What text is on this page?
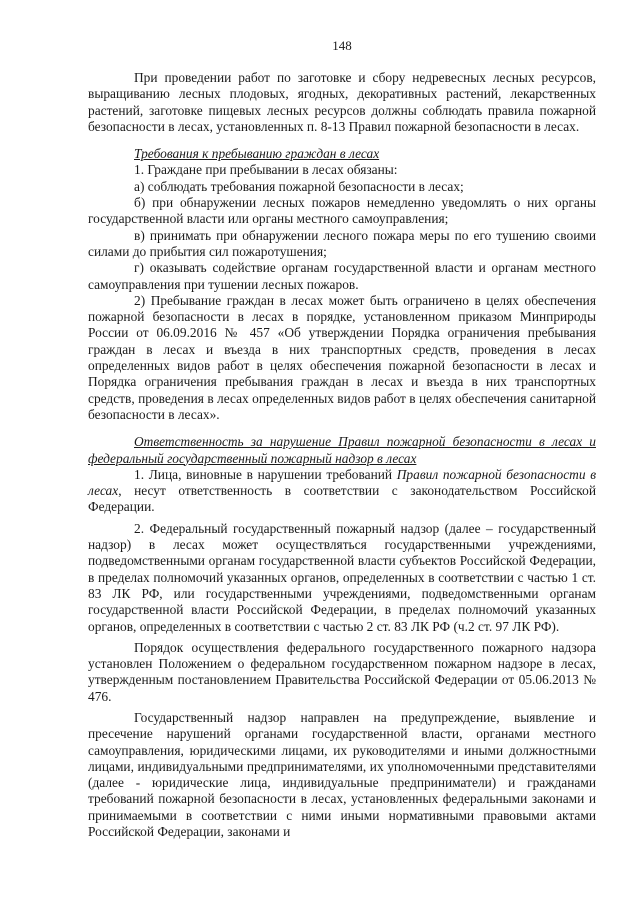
148

При проведении работ по заготовке и сбору недревесных лесных ресурсов, выращиванию лесных плодовых, ягодных, декоративных растений, лекарственных растений, заготовке пищевых лесных ресурсов должны соблюдать правила пожарной безопасности в лесах, установленных п. 8-13 Правил пожарной безопасности в лесах.

Требования к пребыванию граждан в лесах

1. Граждане при пребывании в лесах обязаны:

а) соблюдать требования пожарной безопасности в лесах;

б) при обнаружении лесных пожаров немедленно уведомлять о них органы государственной власти или органы местного самоуправления;

в) принимать при обнаружении лесного пожара меры по его тушению своими силами до прибытия сил пожаротушения;

г) оказывать содействие органам государственной власти и органам местного самоуправления при тушении лесных пожаров.

2) Пребывание граждан в лесах может быть ограничено в целях обеспечения пожарной безопасности в лесах в порядке, установленном приказом Минприроды России от 06.09.2016 № 457 «Об утверждении Порядка ограничения пребывания граждан в лесах и въезда в них транспортных средств, проведения в лесах определенных видов работ в целях обеспечения пожарной безопасности в лесах и Порядка ограничения пребывания граждан в лесах и въезда в них транспортных средств, проведения в лесах определенных видов работ в целях обеспечения санитарной безопасности в лесах».

Ответственность за нарушение Правил пожарной безопасности в лесах и федеральный государственный пожарный надзор в лесах

1. Лица, виновные в нарушении требований Правил пожарной безопасности в лесах, несут ответственность в соответствии с законодательством Российской Федерации.

2. Федеральный государственный пожарный надзор (далее – государственный надзор) в лесах может осуществляться государственными учреждениями, подведомственными органам государственной власти субъектов Российской Федерации, в пределах полномочий указанных органов, определенных в соответствии с частью 1 ст. 83 ЛК РФ, или государственными учреждениями, подведомственными органам государственной власти Российской Федерации, в пределах полномочий указанных органов, определенных в соответствии с частью 2 ст. 83 ЛК РФ (ч.2 ст. 97 ЛК РФ).

Порядок осуществления федерального государственного пожарного надзора установлен Положением о федеральном государственном пожарном надзоре в лесах, утвержденным постановлением Правительства Российской Федерации от 05.06.2013 № 476.

Государственный надзор направлен на предупреждение, выявление и пресечение нарушений органами государственной власти, органами местного самоуправления, юридическими лицами, их руководителями и иными должностными лицами, индивидуальными предпринимателями, их уполномоченными представителями (далее - юридические лица, индивидуальные предприниматели) и гражданами требований пожарной безопасности в лесах, установленных федеральными законами и принимаемыми в соответствии с ними иными нормативными правовыми актами Российской Федерации, законами и
